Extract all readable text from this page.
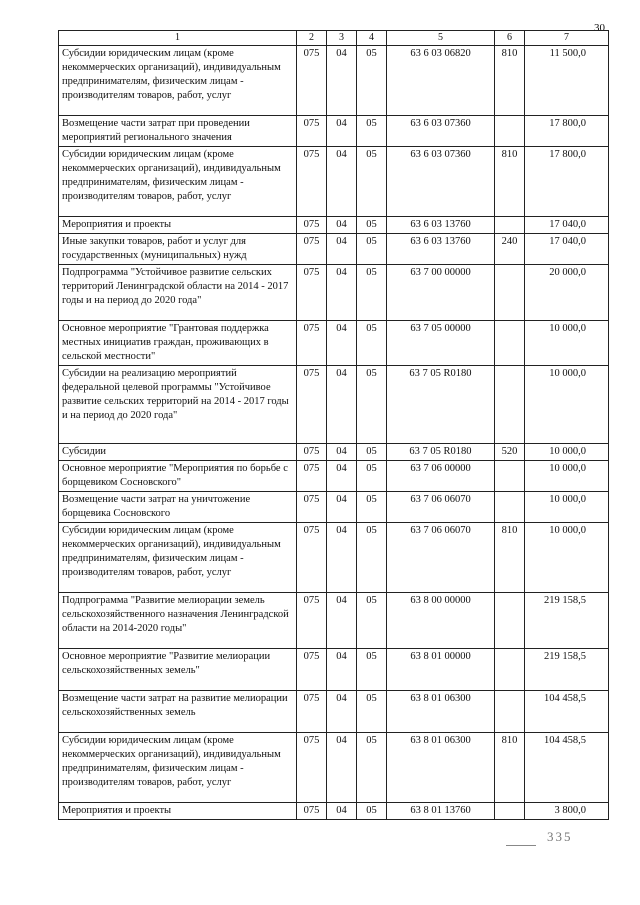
30
1	2	3	4	5	6	7
Субсидии юридическим лицам (кроме некоммерческих организаций), индивидуальным предпринимателям, физическим лицам - производителям товаров, работ, услуг	075	04	05	63 6 03 06820	810	11 500,0
Возмещение части затрат при проведении мероприятий регионального значения	075	04	05	63 6 03 07360		17 800,0
Субсидии юридическим лицам (кроме некоммерческих организаций), индивидуальным предпринимателям, физическим лицам - производителям товаров, работ, услуг	075	04	05	63 6 03 07360	810	17 800,0
Мероприятия и проекты	075	04	05	63 6 03 13760		17 040,0
Иные закупки товаров, работ и услуг для государственных (муниципальных) нужд	075	04	05	63 6 03 13760	240	17 040,0
Подпрограмма "Устойчивое развитие сельских территорий Ленинградской области на 2014 - 2017 годы и на период до 2020 года"	075	04	05	63 7 00 00000		20 000,0
Основное мероприятие "Грантовая поддержка местных инициатив граждан, проживающих в сельской местности"	075	04	05	63 7 05 00000		10 000,0
Субсидии на реализацию мероприятий федеральной целевой программы "Устойчивое развитие сельских территорий на 2014 - 2017 годы и на период до 2020 года"	075	04	05	63 7 05 R0180		10 000,0
Субсидии	075	04	05	63 7 05 R0180	520	10 000,0
Основное мероприятие "Мероприятия по борьбе с борщевиком Сосновского"	075	04	05	63 7 06 00000		10 000,0
Возмещение части затрат на уничтожение борщевика Сосновского	075	04	05	63 7 06 06070		10 000,0
Субсидии юридическим лицам (кроме некоммерческих организаций), индивидуальным предпринимателям, физическим лицам - производителям товаров, работ, услуг	075	04	05	63 7 06 06070	810	10 000,0
Подпрограмма "Развитие мелиорации земель сельскохозяйственного назначения Ленинградской области на 2014-2020 годы"	075	04	05	63 8 00 00000		219 158,5
Основное мероприятие "Развитие мелиорации сельскохозяйственных земель"	075	04	05	63 8 01 00000		219 158,5
Возмещение части затрат на развитие мелиорации сельскохозяйственных земель	075	04	05	63 8 01 06300		104 458,5
Субсидии юридическим лицам (кроме некоммерческих организаций), индивидуальным предпринимателям, физическим лицам - производителям товаров, работ, услуг	075	04	05	63 8 01 06300	810	104 458,5
Мероприятия и проекты	075	04	05	63 8 01 13760		3 800,0
335
